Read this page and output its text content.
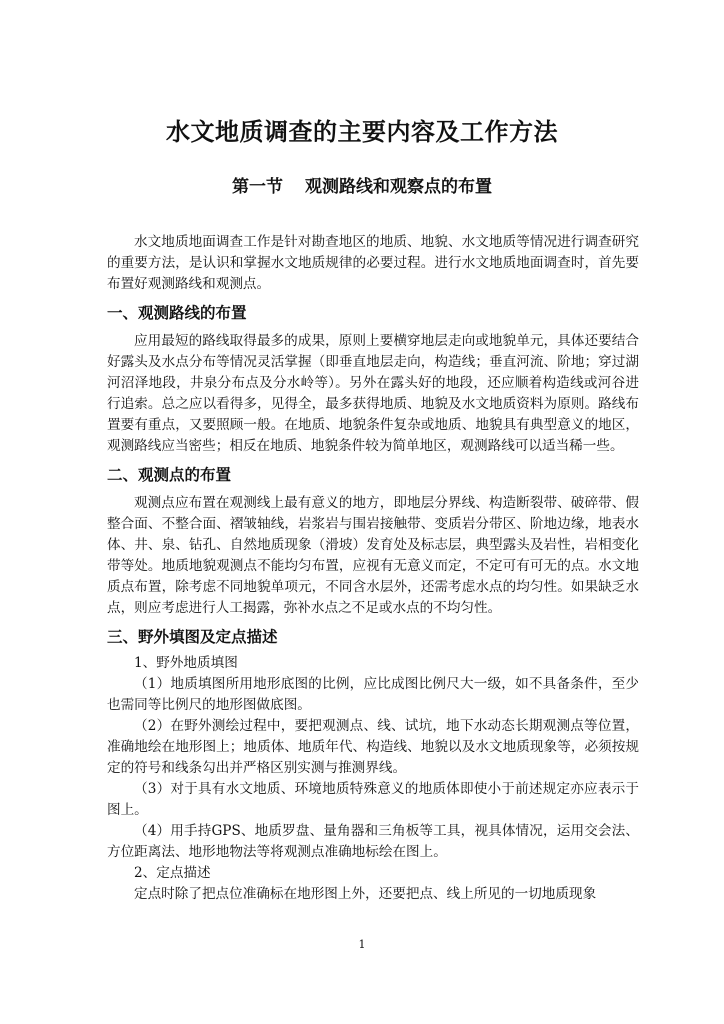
水文地质调查的主要内容及工作方法
第一节 观测路线和观察点的布置

水文地质地面调查工作是针对勘查地区的地质、地貌、水文地质等情况进行调查研究的重要方法，是认识和掌握水文地质规律的必要过程。进行水文地质地面调查时，首先要布置好观测路线和观测点。

一、观测路线的布置

应用最短的路线取得最多的成果，原则上要横穿地层走向或地貌单元，具体还要结合好露头及水点分布等情况灵活掌握（即垂直地层走向，构造线；垂直河流、阶地；穿过湖河沼泽地段，井泉分布点及分水岭等）。另外在露头好的地段，还应顺着构造线或河谷进行追索。总之应以看得多，见得全，最多获得地质、地貌及水文地质资料为原则。路线布置要有重点，又要照顾一般。在地质、地貌条件复杂或地质、地貌具有典型意义的地区，观测路线应当密些；相反在地质、地貌条件较为简单地区，观测路线可以适当稀一些。

二、观测点的布置

观测点应布置在观测线上最有意义的地方，即地层分界线、构造断裂带、破碎带、假整合面、不整合面、褶皱轴线，岩浆岩与围岩接触带、变质岩分带区、阶地边缘，地表水体、井、泉、钻孔、自然地质现象（滑坡）发育处及标志层，典型露头及岩性，岩相变化带等处。地质地貌观测点不能均匀布置，应视有无意义而定，不定可有可无的点。水文地质点布置，除考虑不同地貌单项元，不同含水层外，还需考虑水点的均匀性。如果缺乏水点，则应考虑进行人工揭露，弥补水点之不足或水点的不均匀性。

三、野外填图及定点描述

1、野外地质填图

（1）地质填图所用地形底图的比例，应比成图比例尺大一级，如不具备条件，至少也需同等比例尺的地形图做底图。

（2）在野外测绘过程中，要把观测点、线、试坑，地下水动态长期观测点等位置，准确地绘在地形图上；地质体、地质年代、构造线、地貌以及水文地质现象等，必须按规定的符号和线条勾出并严格区别实测与推测界线。

（3）对于具有水文地质、环境地质特殊意义的地质体即使小于前述规定亦应表示于图上。

（4）用手持GPS、地质罗盘、量角器和三角板等工具，视具体情况，运用交会法、方位距离法、地形地物法等将观测点准确地标绘在图上。

2、定点描述

定点时除了把点位准确标在地形图上外，还要把点、线上所见的一切地质现象

1
